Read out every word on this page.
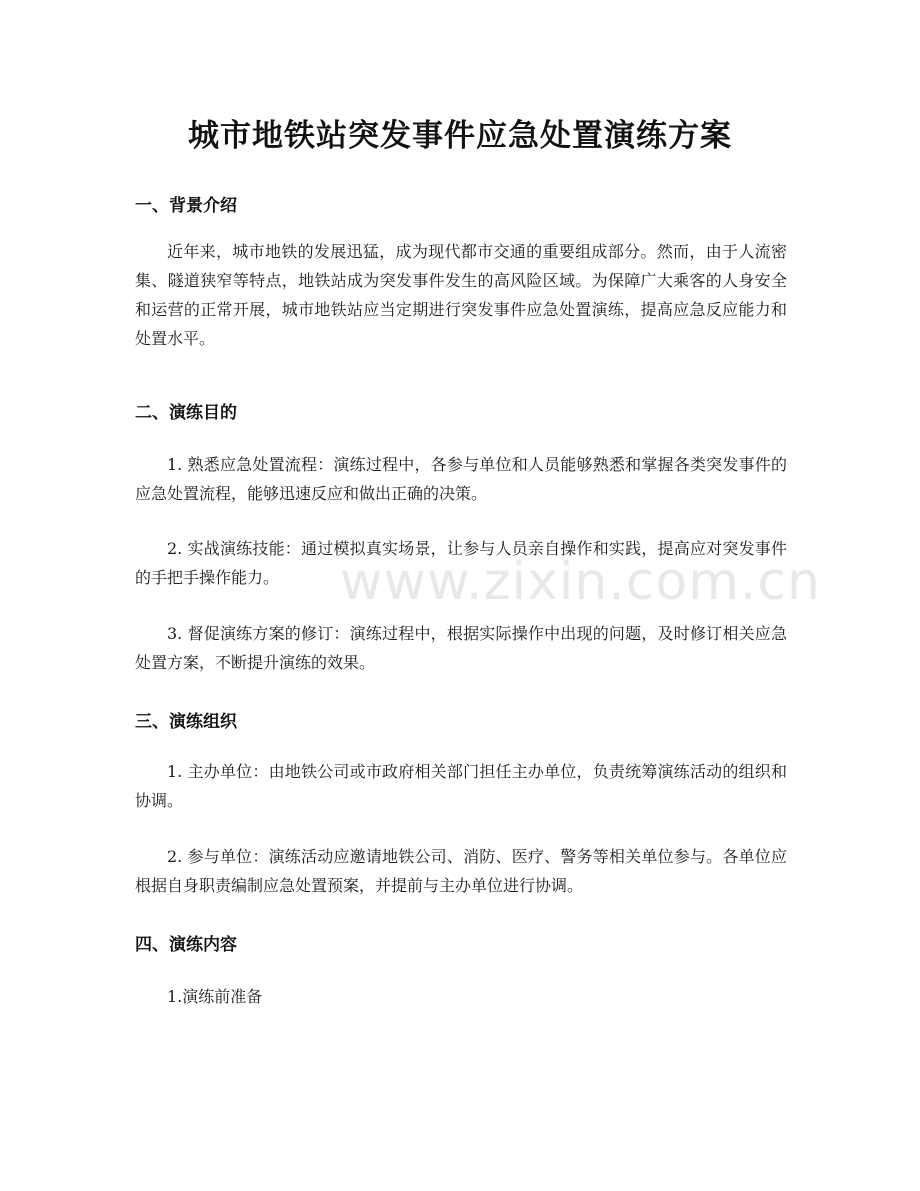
城市地铁站突发事件应急处置演练方案
一、背景介绍

近年来，城市地铁的发展迅猛，成为现代都市交通的重要组成部分。然而，由于人流密集、隧道狭窄等特点，地铁站成为突发事件发生的高风险区域。为保障广大乘客的人身安全和运营的正常开展，城市地铁站应当定期进行突发事件应急处置演练，提高应急反应能力和处置水平。

二、演练目的

1. 熟悉应急处置流程：演练过程中，各参与单位和人员能够熟悉和掌握各类突发事件的应急处置流程，能够迅速反应和做出正确的决策。

2. 实战演练技能：通过模拟真实场景，让参与人员亲自操作和实践，提高应对突发事件的手把手操作能力。

3. 督促演练方案的修订：演练过程中，根据实际操作中出现的问题，及时修订相关应急处置方案，不断提升演练的效果。

三、演练组织

1. 主办单位：由地铁公司或市政府相关部门担任主办单位，负责统筹演练活动的组织和协调。

2. 参与单位：演练活动应邀请地铁公司、消防、医疗、警务等相关单位参与。各单位应根据自身职责编制应急处置预案，并提前与主办单位进行协调。

四、演练内容

1.演练前准备

www.zixin.com.cn
